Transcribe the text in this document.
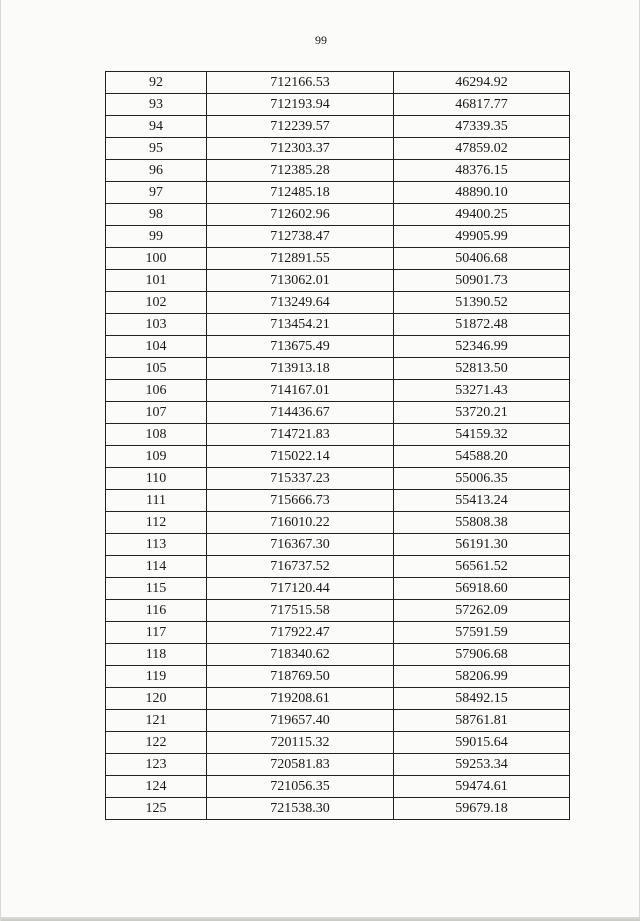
99
92	712166.53	46294.92
93	712193.94	46817.77
94	712239.57	47339.35
95	712303.37	47859.02
96	712385.28	48376.15
97	712485.18	48890.10
98	712602.96	49400.25
99	712738.47	49905.99
100	712891.55	50406.68
101	713062.01	50901.73
102	713249.64	51390.52
103	713454.21	51872.48
104	713675.49	52346.99
105	713913.18	52813.50
106	714167.01	53271.43
107	714436.67	53720.21
108	714721.83	54159.32
109	715022.14	54588.20
110	715337.23	55006.35
111	715666.73	55413.24
112	716010.22	55808.38
113	716367.30	56191.30
114	716737.52	56561.52
115	717120.44	56918.60
116	717515.58	57262.09
117	717922.47	57591.59
118	718340.62	57906.68
119	718769.50	58206.99
120	719208.61	58492.15
121	719657.40	58761.81
122	720115.32	59015.64
123	720581.83	59253.34
124	721056.35	59474.61
125	721538.30	59679.18
